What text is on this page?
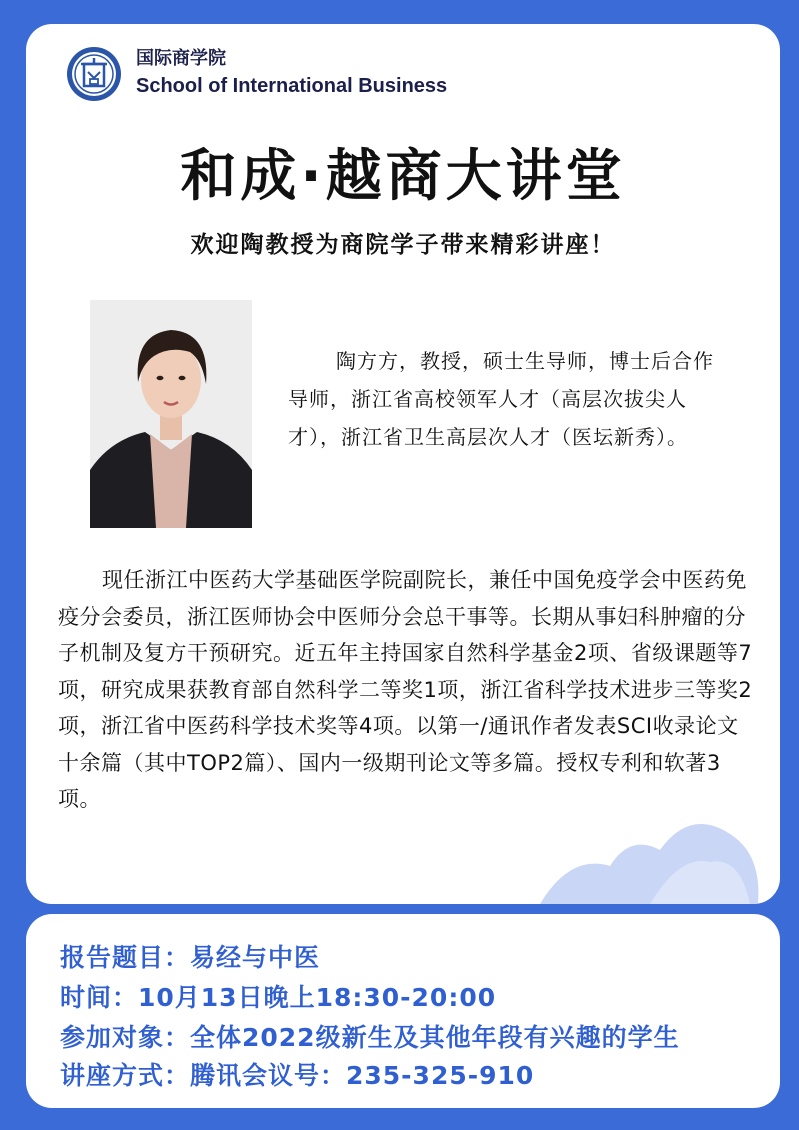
国际商学院
School of International Business
和成·越商大讲堂
欢迎陶教授为商院学子带来精彩讲座！
陶方方，教授，硕士生导师，博士后合作导师，浙江省高校领军人才（高层次拔尖人才），浙江省卫生高层次人才（医坛新秀）。
现任浙江中医药大学基础医学院副院长，兼任中国免疫学会中医药免疫分会委员，浙江医师协会中医师分会总干事等。长期从事妇科肿瘤的分子机制及复方干预研究。近五年主持国家自然科学基金2项、省级课题等7项，研究成果获教育部自然科学二等奖1项，浙江省科学技术进步三等奖2项，浙江省中医药科学技术奖等4项。以第一/通讯作者发表SCI收录论文十余篇（其中TOP2篇）、国内一级期刊论文等多篇。授权专利和软著3项。
报告题目：易经与中医
时间：10月13日晚上18:30-20:00
参加对象：全体2022级新生及其他年段有兴趣的学生
讲座方式：腾讯会议号：235-325-910
